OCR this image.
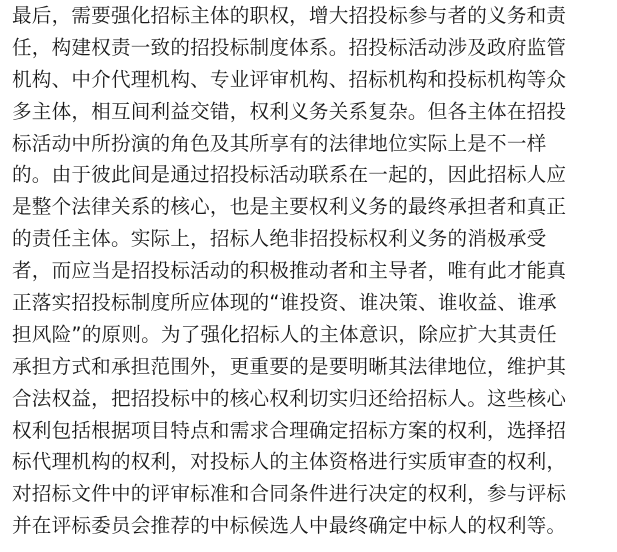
最后，需要强化招标主体的职权，增大招投标参与者的义务和责
任，构建权责一致的招投标制度体系。招投标活动涉及政府监管
机构、中介代理机构、专业评审机构、招标机构和投标机构等众
多主体，相互间利益交错，权利义务关系复杂。但各主体在招投
标活动中所扮演的角色及其所享有的法律地位实际上是不一样
的。由于彼此间是通过招投标活动联系在一起的，因此招标人应
是整个法律关系的核心，也是主要权利义务的最终承担者和真正
的责任主体。实际上，招标人绝非招投标权利义务的消极承受
者，而应当是招投标活动的积极推动者和主导者，唯有此才能真
正落实招投标制度所应体现的“谁投资、谁决策、谁收益、谁承
担风险”的原则。为了强化招标人的主体意识，除应扩大其责任
承担方式和承担范围外，更重要的是要明晰其法律地位，维护其
合法权益，把招投标中的核心权利切实归还给招标人。这些核心
权利包括根据项目特点和需求合理确定招标方案的权利，选择招
标代理机构的权利，对投标人的主体资格进行实质审查的权利，
对招标文件中的评审标准和合同条件进行决定的权利，参与评标
并在评标委员会推荐的中标候选人中最终确定中标人的权利等。
